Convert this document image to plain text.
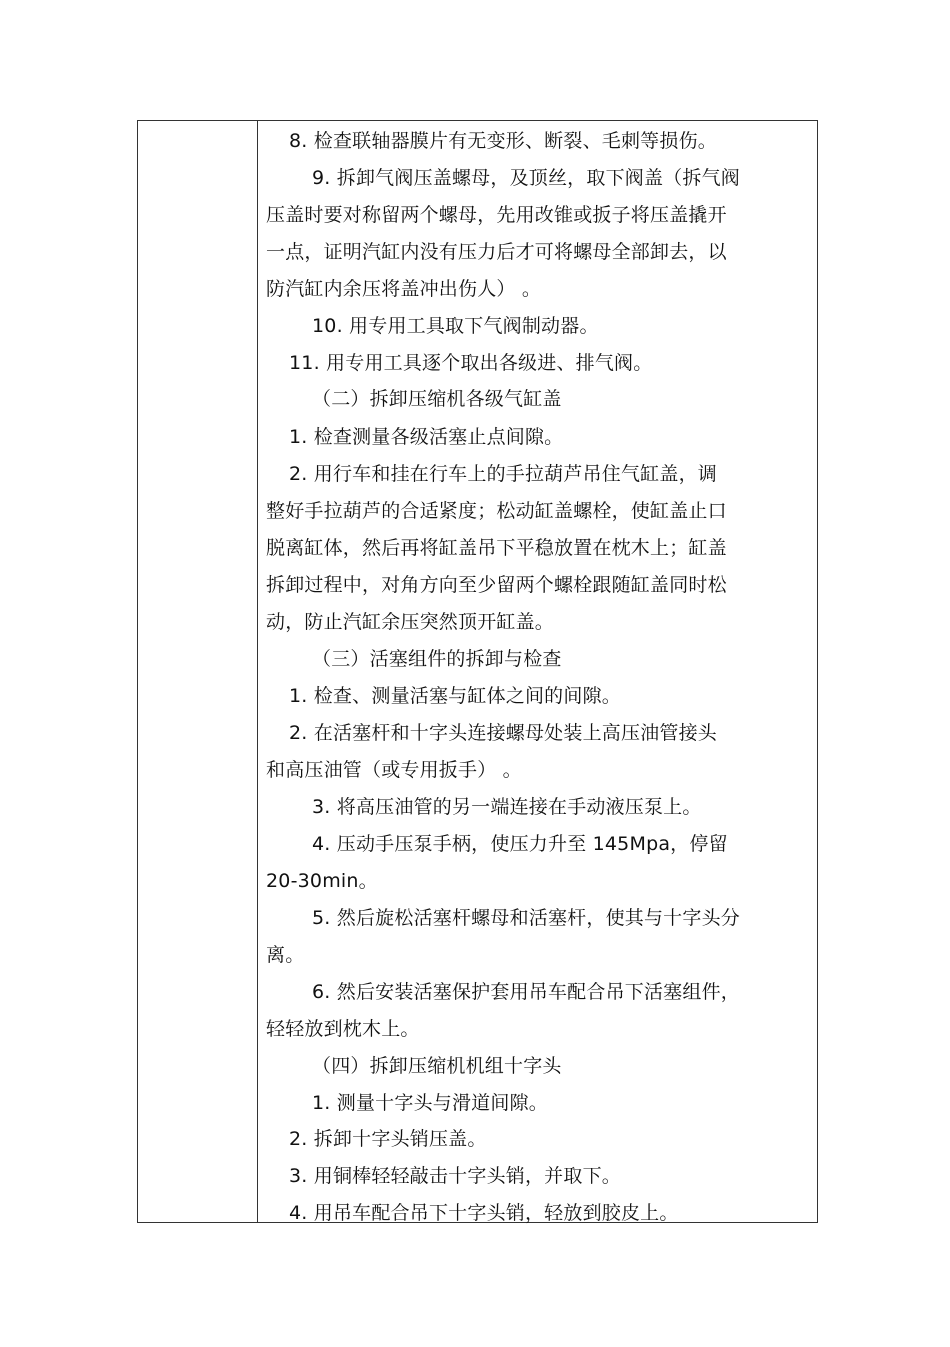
8. 检查联轴器膜片有无变形、断裂、毛刺等损伤。
9. 拆卸气阀压盖螺母，及顶丝，取下阀盖（拆气阀
压盖时要对称留两个螺母，先用改锥或扳子将压盖撬开
一点，证明汽缸内没有压力后才可将螺母全部卸去，以
防汽缸内余压将盖冲出伤人） 。
10. 用专用工具取下气阀制动器。
11. 用专用工具逐个取出各级进、排气阀。
（二）拆卸压缩机各级气缸盖
1. 检查测量各级活塞止点间隙。
2. 用行车和挂在行车上的手拉葫芦吊住气缸盖，调
整好手拉葫芦的合适紧度；松动缸盖螺栓，使缸盖止口
脱离缸体，然后再将缸盖吊下平稳放置在枕木上；缸盖
拆卸过程中，对角方向至少留两个螺栓跟随缸盖同时松
动，防止汽缸余压突然顶开缸盖。
（三）活塞组件的拆卸与检查
1. 检查、测量活塞与缸体之间的间隙。
2. 在活塞杆和十字头连接螺母处装上高压油管接头
和高压油管（或专用扳手） 。
3. 将高压油管的另一端连接在手动液压泵上。
4. 压动手压泵手柄，使压力升至 145Mpa，停留
20-30min。
5. 然后旋松活塞杆螺母和活塞杆，使其与十字头分
离。
6. 然后安装活塞保护套用吊车配合吊下活塞组件，
轻轻放到枕木上。
（四）拆卸压缩机机组十字头
1. 测量十字头与滑道间隙。
2. 拆卸十字头销压盖。
3. 用铜棒轻轻敲击十字头销，并取下。
4. 用吊车配合吊下十字头销，轻放到胶皮上。
